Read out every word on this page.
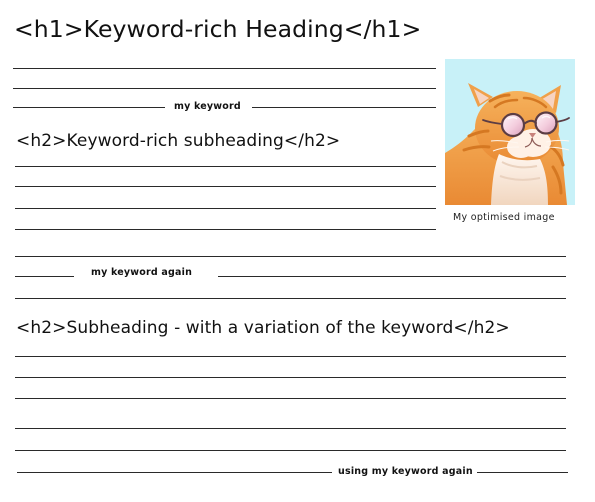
<h1>Keyword-rich Heading</h1>
<h2>Keyword-rich subheading</h2>
<h2>Subheading - with a variation of the keyword</h2>
my keyword
my keyword again
using my keyword again
My optimised image
